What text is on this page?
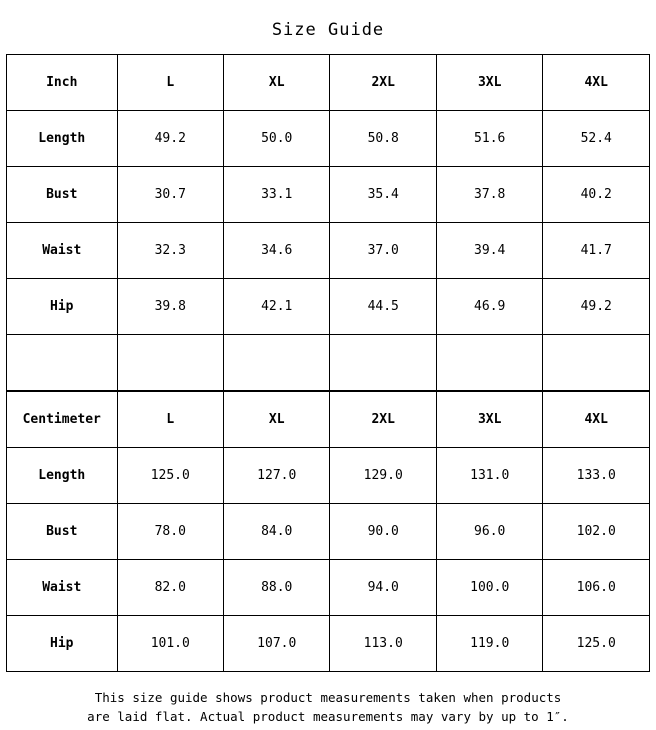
Size Guide
Inch	L	XL	2XL	3XL	4XL
Length	49.2	50.0	50.8	51.6	52.4
Bust	30.7	33.1	35.4	37.8	40.2
Waist	32.3	34.6	37.0	39.4	41.7
Hip	39.8	42.1	44.5	46.9	49.2

Centimeter	L	XL	2XL	3XL	4XL
Length	125.0	127.0	129.0	131.0	133.0
Bust	78.0	84.0	90.0	96.0	102.0
Waist	82.0	88.0	94.0	100.0	106.0
Hip	101.0	107.0	113.0	119.0	125.0
This size guide shows product measurements taken when products
are laid flat. Actual product measurements may vary by up to 1″.
